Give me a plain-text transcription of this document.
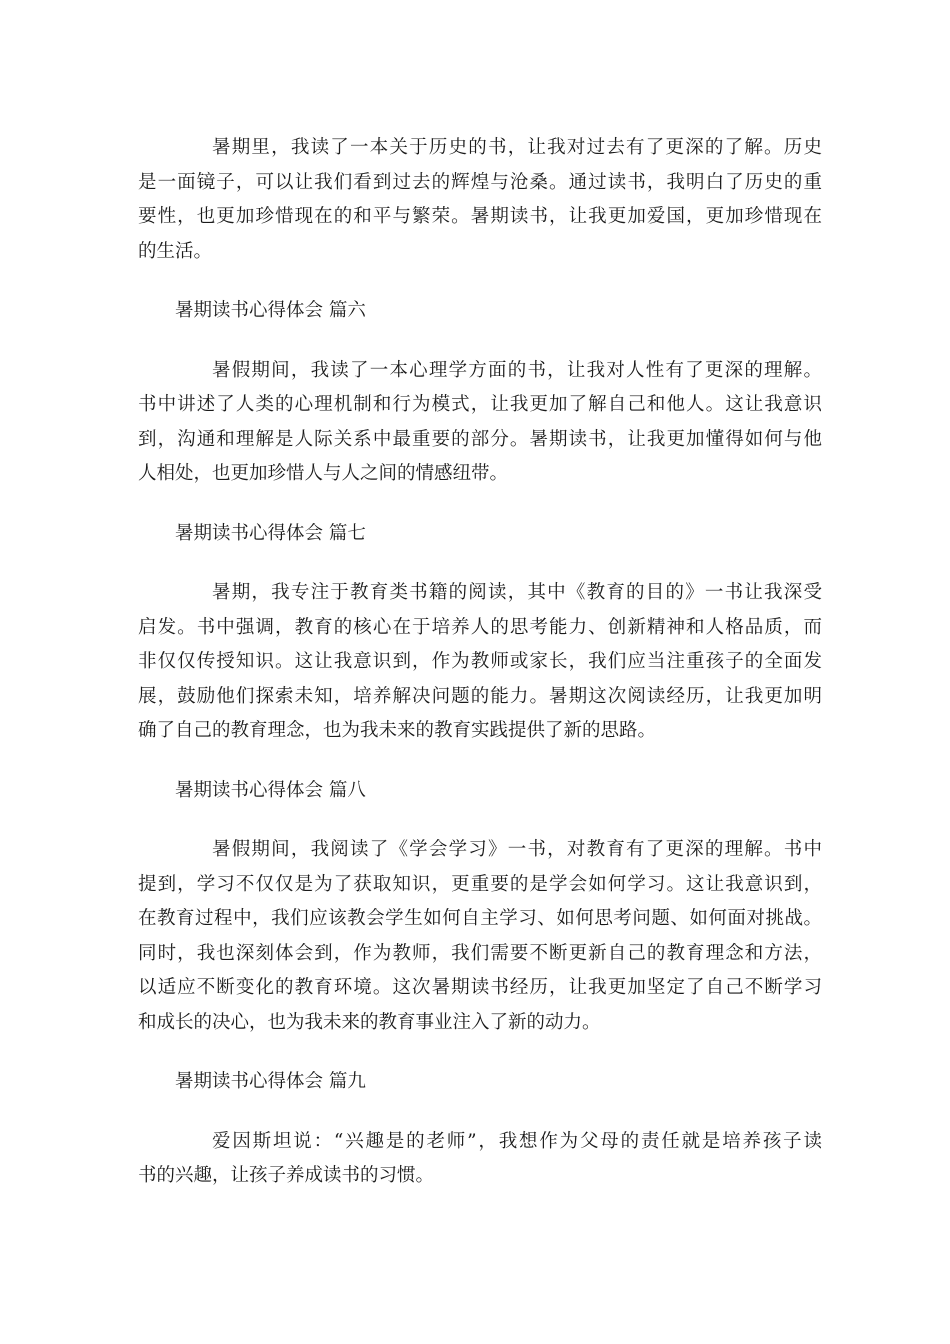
暑期里，我读了一本关于历史的书，让我对过去有了更深的了解。历史
是一面镜子，可以让我们看到过去的辉煌与沧桑。通过读书，我明白了历史的重
要性，也更加珍惜现在的和平与繁荣。暑期读书，让我更加爱国，更加珍惜现在
的生活。

暑期读书心得体会 篇六

暑假期间，我读了一本心理学方面的书，让我对人性有了更深的理解。
书中讲述了人类的心理机制和行为模式，让我更加了解自己和他人。这让我意识
到，沟通和理解是人际关系中最重要的部分。暑期读书，让我更加懂得如何与他
人相处，也更加珍惜人与人之间的情感纽带。

暑期读书心得体会 篇七

暑期，我专注于教育类书籍的阅读，其中《教育的目的》一书让我深受
启发。书中强调，教育的核心在于培养人的思考能力、创新精神和人格品质，而
非仅仅传授知识。这让我意识到，作为教师或家长，我们应当注重孩子的全面发
展，鼓励他们探索未知，培养解决问题的能力。暑期这次阅读经历，让我更加明
确了自己的教育理念，也为我未来的教育实践提供了新的思路。

暑期读书心得体会 篇八

暑假期间，我阅读了《学会学习》一书，对教育有了更深的理解。书中
提到，学习不仅仅是为了获取知识，更重要的是学会如何学习。这让我意识到，
在教育过程中，我们应该教会学生如何自主学习、如何思考问题、如何面对挑战。
同时，我也深刻体会到，作为教师，我们需要不断更新自己的教育理念和方法，
以适应不断变化的教育环境。这次暑期读书经历，让我更加坚定了自己不断学习
和成长的决心，也为我未来的教育事业注入了新的动力。

暑期读书心得体会 篇九

爱因斯坦说：“兴趣是的老师”，我想作为父母的责任就是培养孩子读
书的兴趣，让孩子养成读书的习惯。
